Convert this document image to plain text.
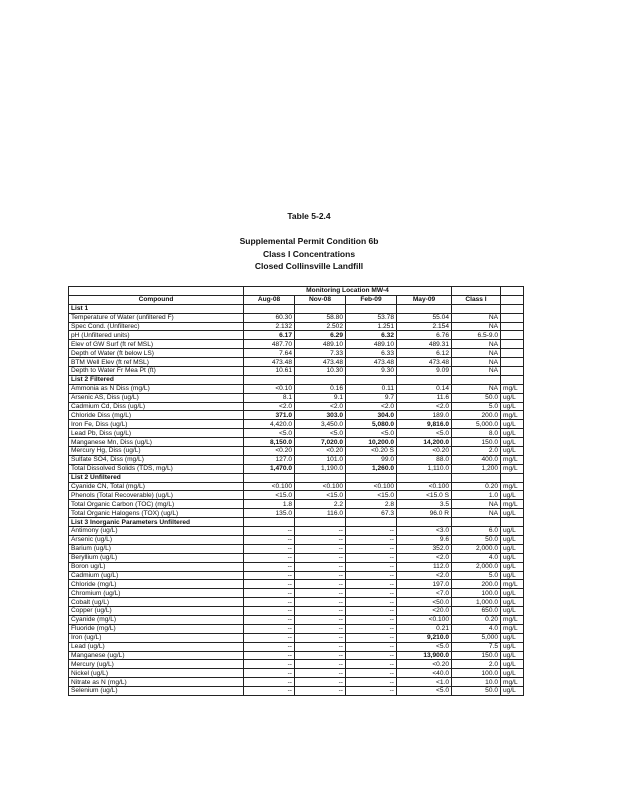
Table 5-2.4
Supplemental Permit Condition 6b
Class I Concentrations
Closed Collinsville Landfill
	Monitoring Location MW-4					
Compound	Aug-08	Nov-08	Feb-09	May-09	Class I	
List 1						
Temperature of Water (unfiltered F)	60.30	58.80	53.78	55.04	NA	
Spec Cond. (Unfilterec)	2.132	2.502	1.251	2.154	NA	
pH (Unfiltered units)	6.17	6.29	6.32	6.76	6.5-9.0	
Elev of GW Surf (ft ref MSL)	487.70	489.10	489.10	489.31	NA	
Depth of Water (ft below LS)	7.64	7.33	6.33	6.12	NA	
BTM Well Elev (ft ref MSL)	473.48	473.48	473.48	473.48	NA	
Depth to Water Fr Mea Pt (ft)	10.61	10.30	9.30	9.09	NA	
List 2 Filtered						
Ammonia as N Diss (mg/L)	<0.10	0.16	0.11	0.14	NA	mg/L
Arsenic AS, Diss (ug/L)	8.1	9.1	9.7	11.6	50.0	ug/L
Cadmium Cd, Diss (ug/L)	<2.0	<2.0	<2.0	<2.0	5.0	ug/L
Chloride Diss (mg/L)	371.0	303.0	304.0	189.0	200.0	mg/L
Iron Fe, Diss (ug/L)	4,420.0	3,450.0	5,080.0	9,816.0	5,000.0	ug/L
Lead Pb, Diss (ug/L)	<5.0	<5.0	<5.0	<5.0	8.0	ug/L
Manganese Mn, Diss (ug/L)	8,150.0	7,020.0	10,200.0	14,200.0	150.0	ug/L
Mercury Hg, Diss (ug/L)	<0.20	<0.20	<0.20 S	<0.20	2.0	ug/L
Sulfate SO4, Diss (mg/L)	127.0	101.0	99.0	88.0	400.0	mg/L
Total Dissolved Solids (TDS, mg/L)	1,470.0	1,190.0	1,260.0	1,110.0	1,200	mg/L
List 2 Unfiltered						
Cyanide CN, Total (mg/L)	<0.100	<0.100	<0.100	<0.100	0.20	mg/L
Phenols (Total Recoverable) (ug/L)	<15.0	<15.0	<15.0	<15.0 S	1.0	ug/L
Total Organic Carbon (TOC) (mg/L)	1.8	2.2	2.8	3.5	NA	mg/L
Total Organic Halogens (TOX) (ug/L)	135.0	116.0	67.3	96.0 R	NA	ug/L
List 3 Inorganic Parameters Unfiltered						
Antimony (ug/L)	--	--	--	<3.0	6.0	ug/L
Arsenic (ug/L)	--	--	--	9.6	50.0	ug/L
Barium (ug/L)	--	--	--	352.0	2,000.0	ug/L
Beryllium (ug/L)	--	--	--	<2.0	4.0	ug/L
Boron ug/L)	--	--	--	112.0	2,000.0	ug/L
Cadmium (ug/L)	--	--	--	<2.0	5.0	ug/L
Chloride (mg/L)	--	--	--	197.0	200.0	mg/L
Chromium (ug/L)	--	--	--	<7.0	100.0	ug/L
Cobalt (ug/L)	--	--	--	<50.0	1,000.0	ug/L
Copper (ug/L)	--	--	--	<20.0	650.0	ug/L
Cyanide (mg/L)	--	--	--	<0.100	0.20	mg/L
Fluoride (mg/L)	--	--	--	0.21	4.0	mg/L
Iron (ug/L)	--	--	--	9,210.0	5,000	ug/L
Lead (ug/L)	--	--	--	<5.0	7.5	ug/L
Manganese (ug/L)	--	--	--	13,900.0	150.0	ug/L
Mercury (ug/L)	--	--	--	<0.20	2.0	ug/L
Nickel (ug/L)	--	--	--	<40.0	100.0	ug/L
Nitrate as N (mg/L)	--	--	--	<1.0	10.0	mg/L
Selenium (ug/L)	--	--	--	<5.0	50.0	ug/L
